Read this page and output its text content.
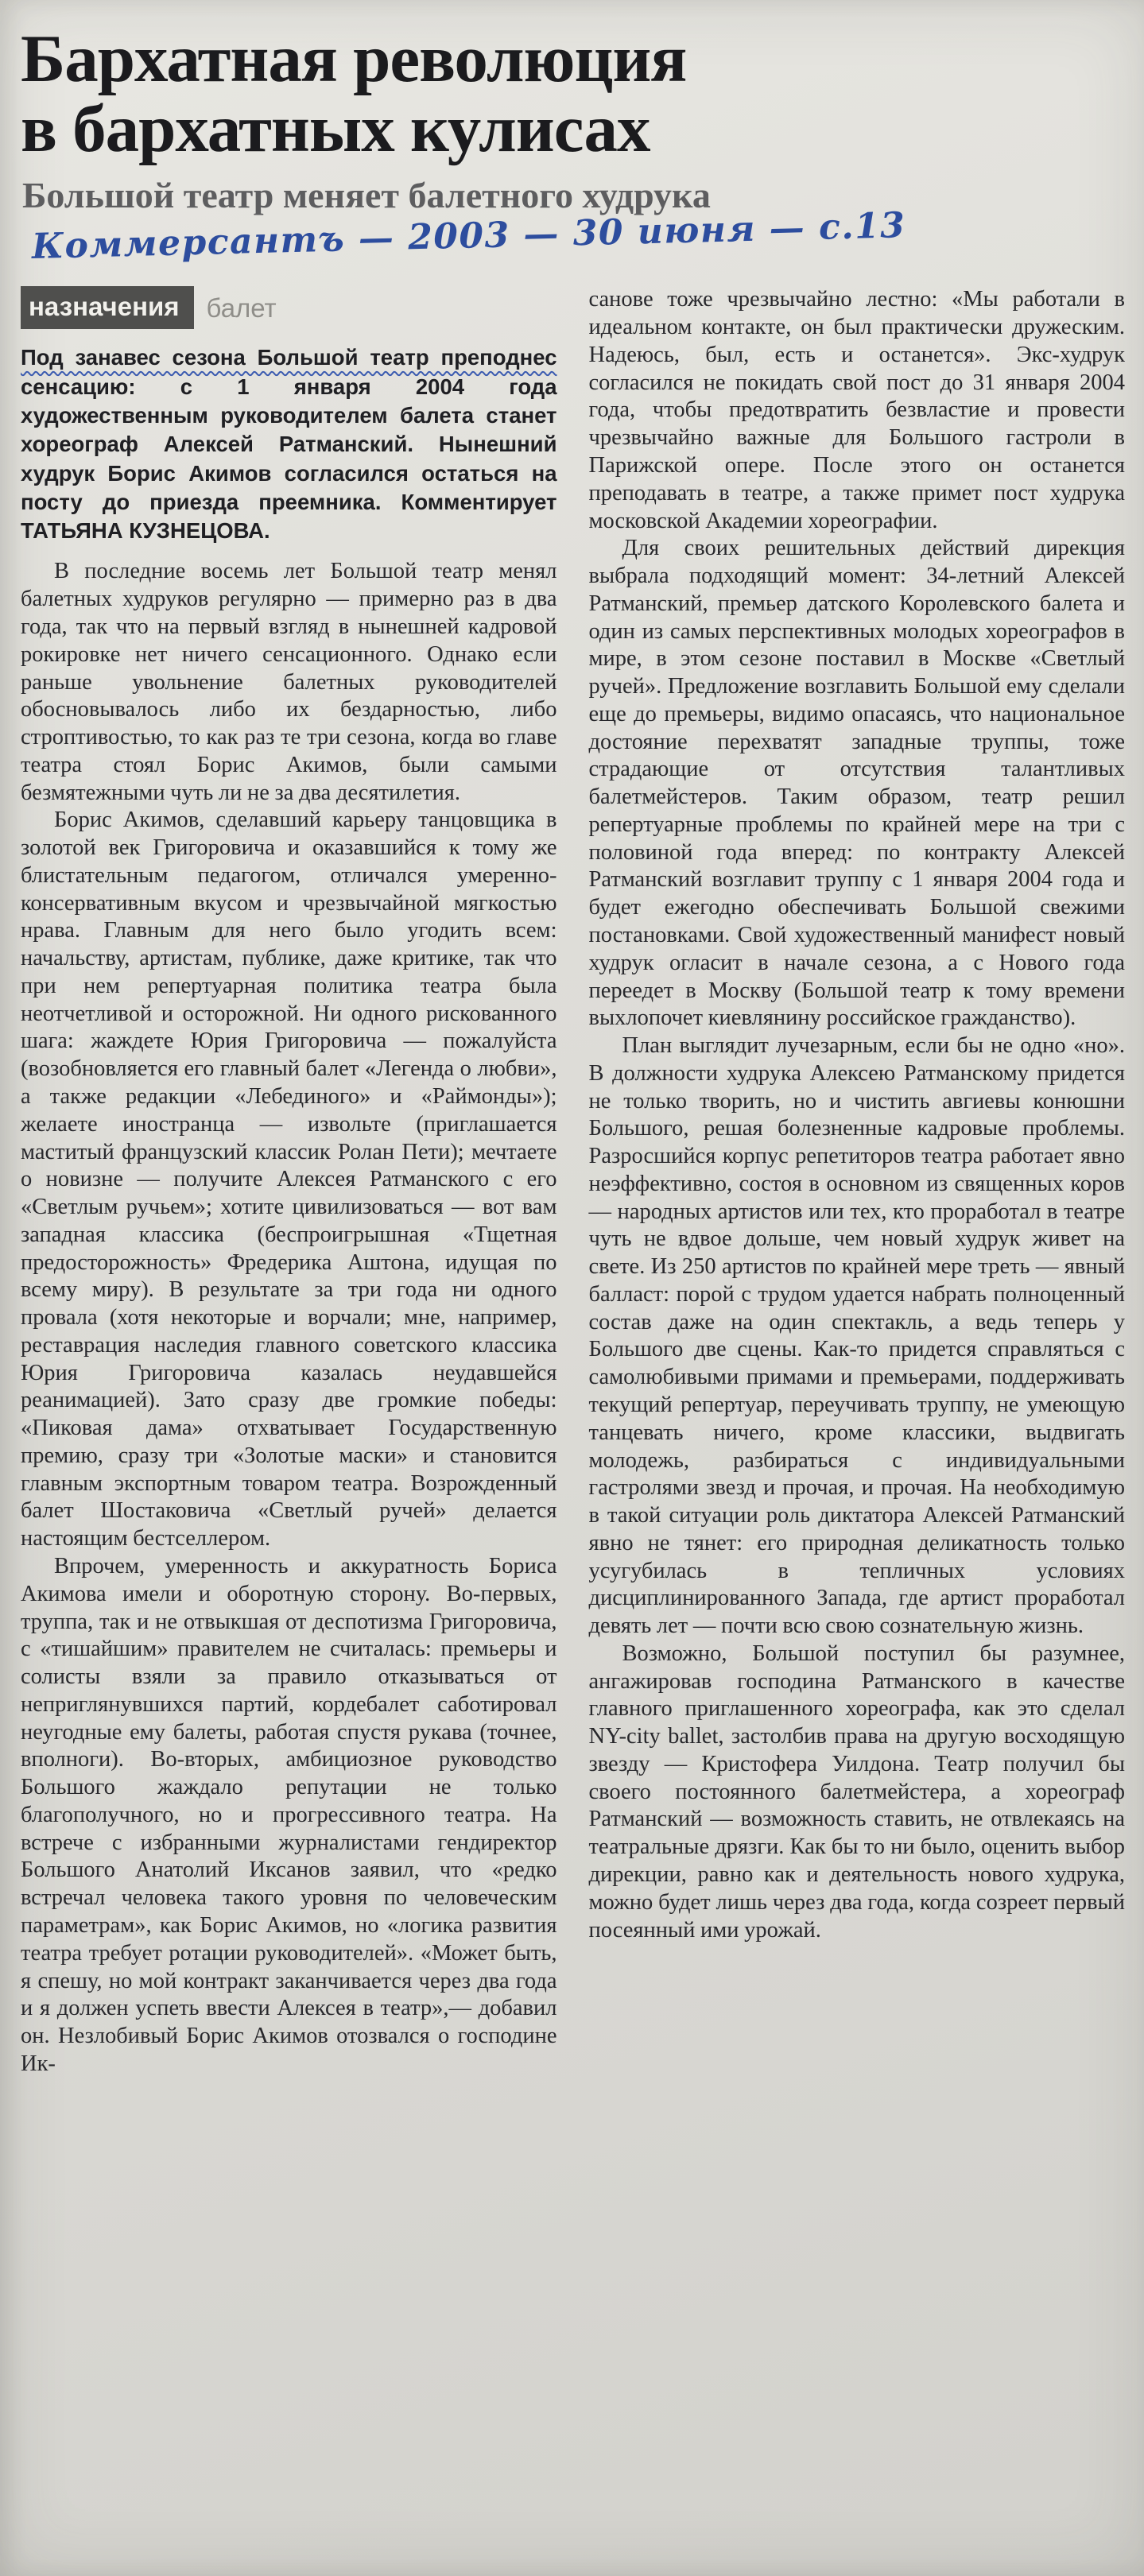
Бархатная революция
в бархатных кулисах
Большой театр меняет балетного худрука
Коммерсантъ — 2003 — 30 июня — с.13
назначения	балет

Под занавес сезона Большой театр преподнес сенсацию: с 1 января 2004 года художественным руководителем балета станет хореограф Алексей Ратманский. Нынешний худрук Борис Акимов согласился остаться на посту до приезда преемника. Комментирует ТАТЬЯНА КУЗНЕЦОВА.

В последние восемь лет Большой театр менял балетных худруков регулярно — примерно раз в два года, так что на первый взгляд в нынешней кадровой рокировке нет ничего сенсационного. Однако если раньше увольнение балетных руководителей обосновывалось либо их бездарностью, либо строптивостью, то как раз те три сезона, когда во главе театра стоял Борис Акимов, были самыми безмятежными чуть ли не за два десятилетия.

Борис Акимов, сделавший карьеру танцовщика в золотой век Григоровича и оказавшийся к тому же блистательным педагогом, отличался умеренно-консервативным вкусом и чрезвычайной мягкостью нрава. Главным для него было угодить всем: начальству, артистам, публике, даже критике, так что при нем репертуарная политика театра была неотчетливой и осторожной. Ни одного рискованного шага: жаждете Юрия Григоровича — пожалуйста (возобновляется его главный балет «Легенда о любви», а также редакции «Лебединого» и «Раймонды»); желаете иностранца — извольте (приглашается маститый французский классик Ролан Пети); мечтаете о новизне — получите Алексея Ратманского с его «Светлым ручьем»; хотите цивилизоваться — вот вам западная классика (беспроигрышная «Тщетная предосторожность» Фредерика Аштона, идущая по всему миру). В результате за три года ни одного провала (хотя некоторые и ворчали; мне, например, реставрация наследия главного советского классика Юрия Григоровича казалась неудавшейся реанимацией). Зато сразу две громкие победы: «Пиковая дама» отхватывает Государственную премию, сразу три «Золотые маски» и становится главным экспортным товаром театра. Возрожденный балет Шостаковича «Светлый ручей» делается настоящим бестселлером.

Впрочем, умеренность и аккуратность Бориса Акимова имели и оборотную сторону. Во-первых, труппа, так и не отвыкшая от деспотизма Григоровича, с «тишайшим» правителем не считалась: премьеры и солисты взяли за правило отказываться от неприглянувшихся партий, кордебалет саботировал неугодные ему балеты, работая спустя рукава (точнее, вполноги). Во-вторых, амбициозное руководство Большого жаждало репутации не только благополучного, но и прогрессивного театра. На встрече с избранными журналистами гендиректор Большого Анатолий Иксанов заявил, что «редко встречал человека такого уровня по человеческим параметрам», как Борис Акимов, но «логика развития театра требует ротации руководителей». «Может быть, я спешу, но мой контракт заканчивается через два года и я должен успеть ввести Алексея в театр»,— добавил он. Незлобивый Борис Акимов отозвался о господине Ик-

санове тоже чрезвычайно лестно: «Мы работали в идеальном контакте, он был практически дружеским. Надеюсь, был, есть и останется». Экс-худрук согласился не покидать свой пост до 31 января 2004 года, чтобы предотвратить безвластие и провести чрезвычайно важные для Большого гастроли в Парижской опере. После этого он останется преподавать в театре, а также примет пост худрука московской Академии хореографии.

Для своих решительных действий дирекция выбрала подходящий момент: 34-летний Алексей Ратманский, премьер датского Королевского балета и один из самых перспективных молодых хореографов в мире, в этом сезоне поставил в Москве «Светлый ручей». Предложение возглавить Большой ему сделали еще до премьеры, видимо опасаясь, что национальное достояние перехватят западные труппы, тоже страдающие от отсутствия талантливых балетмейстеров. Таким образом, театр решил репертуарные проблемы по крайней мере на три с половиной года вперед: по контракту Алексей Ратманский возглавит труппу с 1 января 2004 года и будет ежегодно обеспечивать Большой свежими постановками. Свой художественный манифест новый худрук огласит в начале сезона, а с Нового года переедет в Москву (Большой театр к тому времени выхлопочет киевлянину российское гражданство).

План выглядит лучезарным, если бы не одно «но». В должности худрука Алексею Ратманскому придется не только творить, но и чистить авгиевы конюшни Большого, решая болезненные кадровые проблемы. Разросшийся корпус репетиторов театра работает явно неэффективно, состоя в основном из священных коров — народных артистов или тех, кто проработал в театре чуть не вдвое дольше, чем новый худрук живет на свете. Из 250 артистов по крайней мере треть — явный балласт: порой с трудом удается набрать полноценный состав даже на один спектакль, а ведь теперь у Большого две сцены. Как-то придется справляться с самолюбивыми примами и премьерами, поддерживать текущий репертуар, переучивать труппу, не умеющую танцевать ничего, кроме классики, выдвигать молодежь, разбираться с индивидуальными гастролями звезд и прочая, и прочая. На необходимую в такой ситуации роль диктатора Алексей Ратманский явно не тянет: его природная деликатность только усугубилась в тепличных условиях дисциплинированного Запада, где артист проработал девять лет — почти всю свою сознательную жизнь.

Возможно, Большой поступил бы разумнее, ангажировав господина Ратманского в качестве главного приглашенного хореографа, как это сделал NY-city ballet, застолбив права на другую восходящую звезду — Кристофера Уилдона. Театр получил бы своего постоянного балетмейстера, а хореограф Ратманский — возможность ставить, не отвлекаясь на театральные дрязги. Как бы то ни было, оценить выбор дирекции, равно как и деятельность нового худрука, можно будет лишь через два года, когда созреет первый посеянный ими урожай.
